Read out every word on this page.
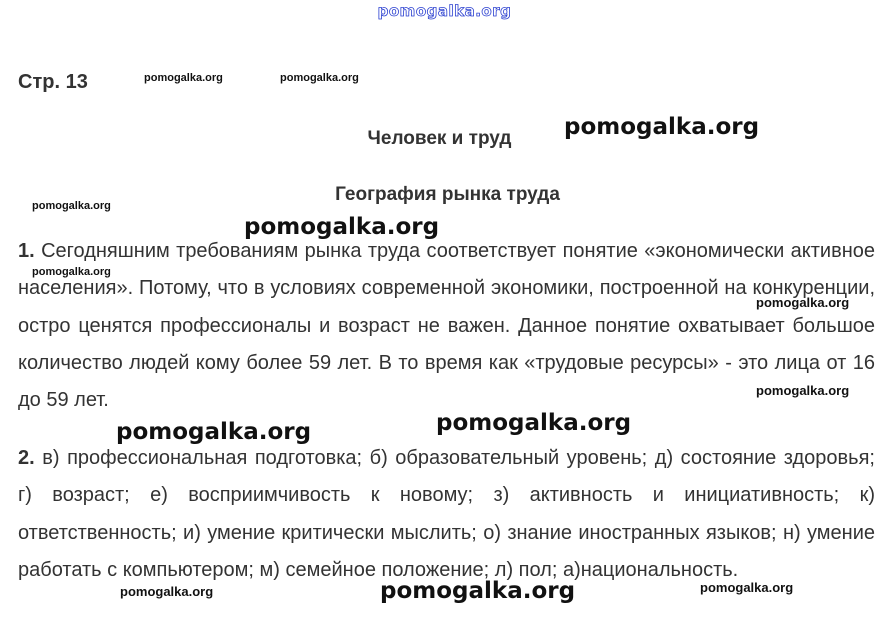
pomogalka.org
Стр. 13	pomogalka.org	pomogalka.org
Человек и труд	pomogalka.org
География рынка труда
pomogalka.org
pomogalka.org
1. Сегодняшним требованиям рынка труда соответствует понятие «экономически активное населения». Потому, что в условиях современной экономики, построенной на конкуренции, остро ценятся профессионалы и возраст не важен. Данное понятие охватывает большое количество людей кому более 59 лет. В то время как «трудовые ресурсы» - это лица от 16 до 59 лет.
2. в) профессиональная подготовка; б) образовательный уровень; д) состояние здоровья; г) возраст; е) восприимчивость к новому; з) активность и инициативность; к) ответственность; и) умение критически мыслить; о) знание иностранных языков; н) умение работать с компьютером; м) семейное положение; л) пол; а)национальность.
pomogalka.org
pomogalka.org
pomogalka.org
pomogalka.org	pomogalka.org
pomogalka.org	pomogalka.org	pomogalka.org
